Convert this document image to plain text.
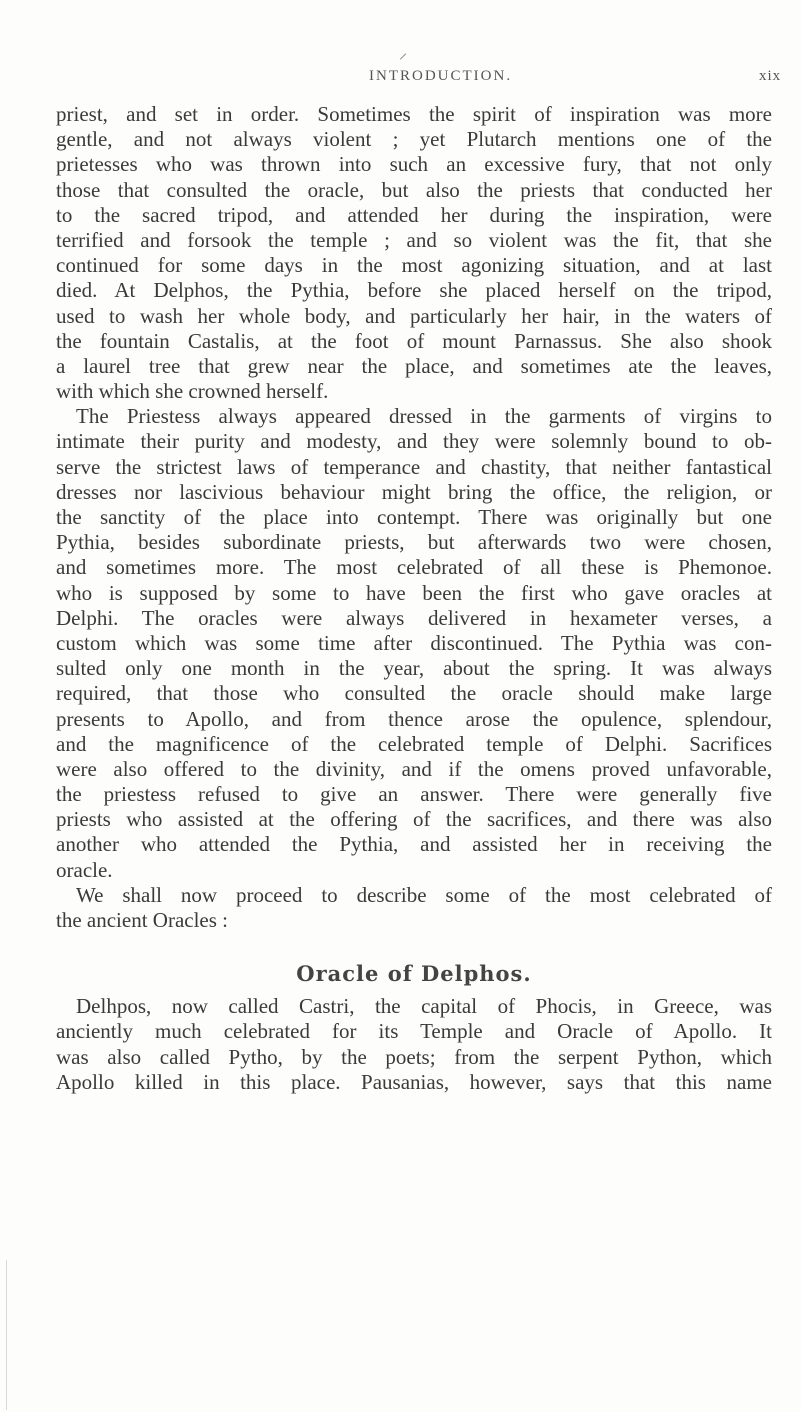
INTRODUCTION.	xix
priest, and set in order. Sometimes the spirit of inspiration was more
gentle, and not always violent ; yet Plutarch mentions one of the
prietesses who was thrown into such an excessive fury, that not only
those that consulted the oracle, but also the priests that conducted her
to the sacred tripod, and attended her during the inspiration, were
terrified and forsook the temple ; and so violent was the fit, that she
continued for some days in the most agonizing situation, and at last
died. At Delphos, the Pythia, before she placed herself on the tripod,
used to wash her whole body, and particularly her hair, in the waters of
the fountain Castalis, at the foot of mount Parnassus. She also shook
a laurel tree that grew near the place, and sometimes ate the leaves,
with which she crowned herself.
The Priestess always appeared dressed in the garments of virgins to
intimate their purity and modesty, and they were solemnly bound to ob-
serve the strictest laws of temperance and chastity, that neither fantastical
dresses nor lascivious behaviour might bring the office, the religion, or
the sanctity of the place into contempt. There was originally but one
Pythia, besides subordinate priests, but afterwards two were chosen,
and sometimes more. The most celebrated of all these is Phemonoe.
who is supposed by some to have been the first who gave oracles at
Delphi. The oracles were always delivered in hexameter verses, a
custom which was some time after discontinued. The Pythia was con-
sulted only one month in the year, about the spring. It was always
required, that those who consulted the oracle should make large
presents to Apollo, and from thence arose the opulence, splendour,
and the magnificence of the celebrated temple of Delphi. Sacrifices
were also offered to the divinity, and if the omens proved unfavorable,
the priestess refused to give an answer. There were generally five
priests who assisted at the offering of the sacrifices, and there was also
another who attended the Pythia, and assisted her in receiving the
oracle.
We shall now proceed to describe some of the most celebrated of
the ancient Oracles :
Oracle of Delphos.
Delhpos, now called Castri, the capital of Phocis, in Greece, was
anciently much celebrated for its Temple and Oracle of Apollo. It
was also called Pytho, by the poets; from the serpent Python, which
Apollo killed in this place. Pausanias, however, says that this name
